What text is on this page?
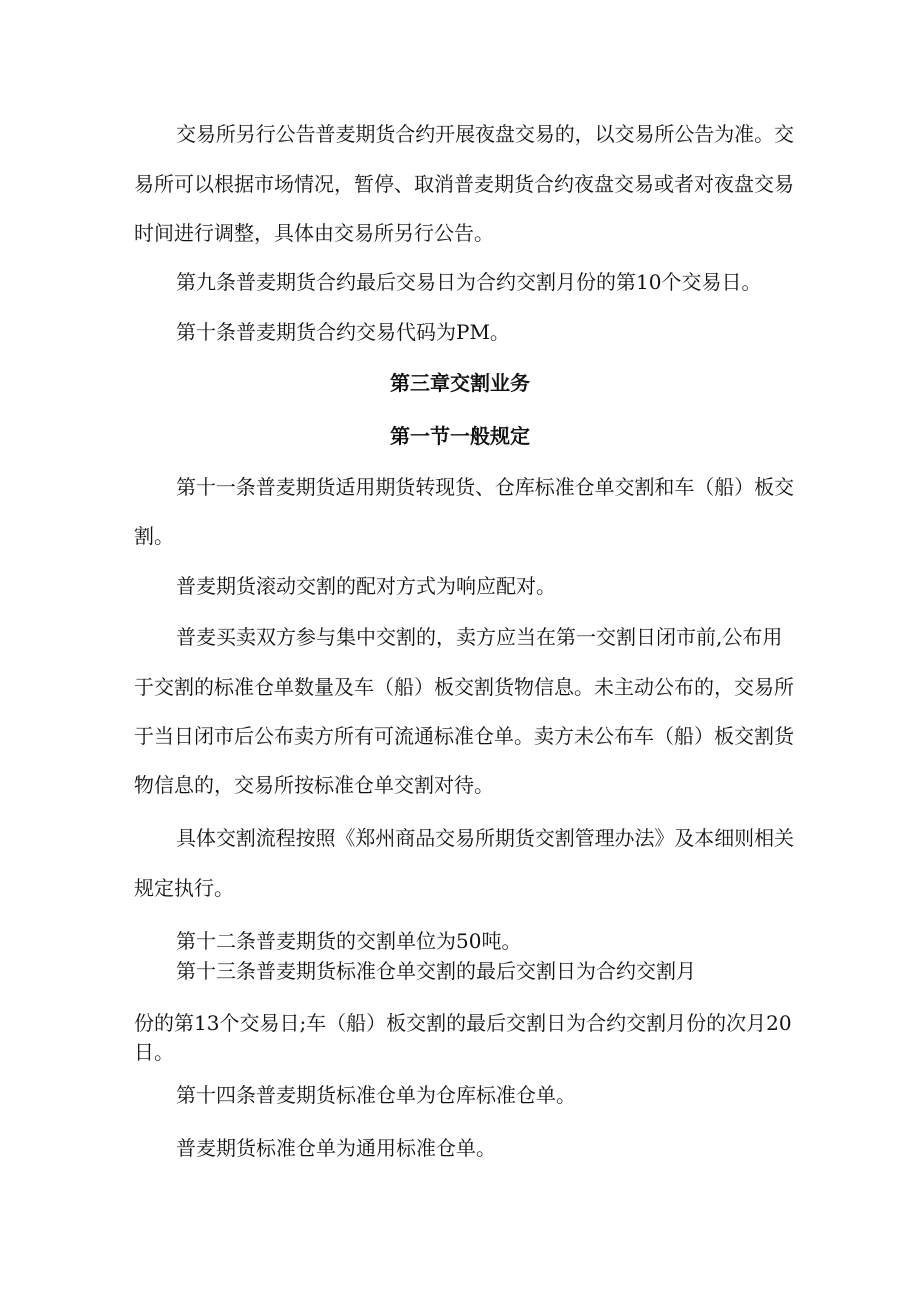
交易所另行公告普麦期货合约开展夜盘交易的，以交易所公告为准。交
易所可以根据市场情况，暂停、取消普麦期货合约夜盘交易或者对夜盘交易
时间进行调整，具体由交易所另行公告。
第九条普麦期货合约最后交易日为合约交割月份的第10个交易日。
第十条普麦期货合约交易代码为PM。
第三章交割业务
第一节一般规定
第十一条普麦期货适用期货转现货、仓库标准仓单交割和车（船）板交
割。
普麦期货滚动交割的配对方式为响应配对。
普麦买卖双方参与集中交割的，卖方应当在第一交割日闭市前,公布用
于交割的标准仓单数量及车（船）板交割货物信息。未主动公布的，交易所
于当日闭市后公布卖方所有可流通标准仓单。卖方未公布车（船）板交割货
物信息的，交易所按标准仓单交割对待。
具体交割流程按照《郑州商品交易所期货交割管理办法》及本细则相关
规定执行。
第十二条普麦期货的交割单位为50吨。
第十三条普麦期货标准仓单交割的最后交割日为合约交割月
份的第13个交易日;车（船）板交割的最后交割日为合约交割月份的次月20
日。
第十四条普麦期货标准仓单为仓库标准仓单。
普麦期货标准仓单为通用标准仓单。
